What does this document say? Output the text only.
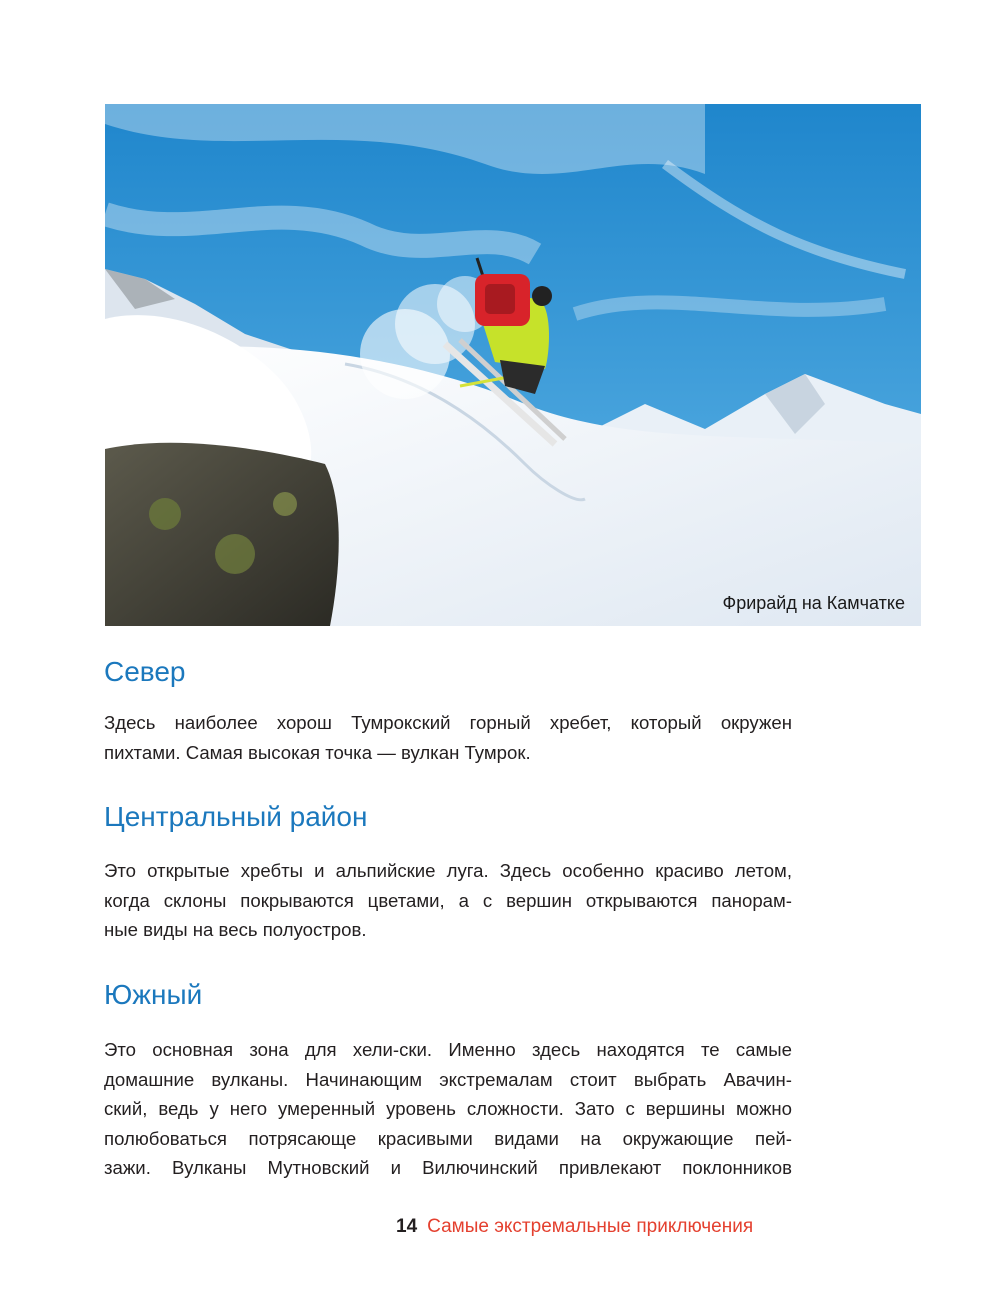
Фрирайд на Камчатке
Север

Здесь наиболее хорош Тумрокский горный хребет, который окружен
пихтами. Самая высокая точка — вулкан Тумрок.

Центральный район

Это открытые хребты и альпийские луга. Здесь особенно красиво летом,
когда склоны покрываются цветами, а с вершин открываются панорам-
ные виды на весь полуостров.

Южный

Это основная зона для хели-ски. Именно здесь находятся те самые
домашние вулканы. Начинающим экстремалам стоит выбрать Авачин-
ский, ведь у него умеренный уровень сложности. Зато с вершины можно
полюбоваться потрясающе красивыми видами на окружающие пей-
зажи. Вулканы Мутновский и Вилючинский привлекают поклонников

14 Самые экстремальные приключения
